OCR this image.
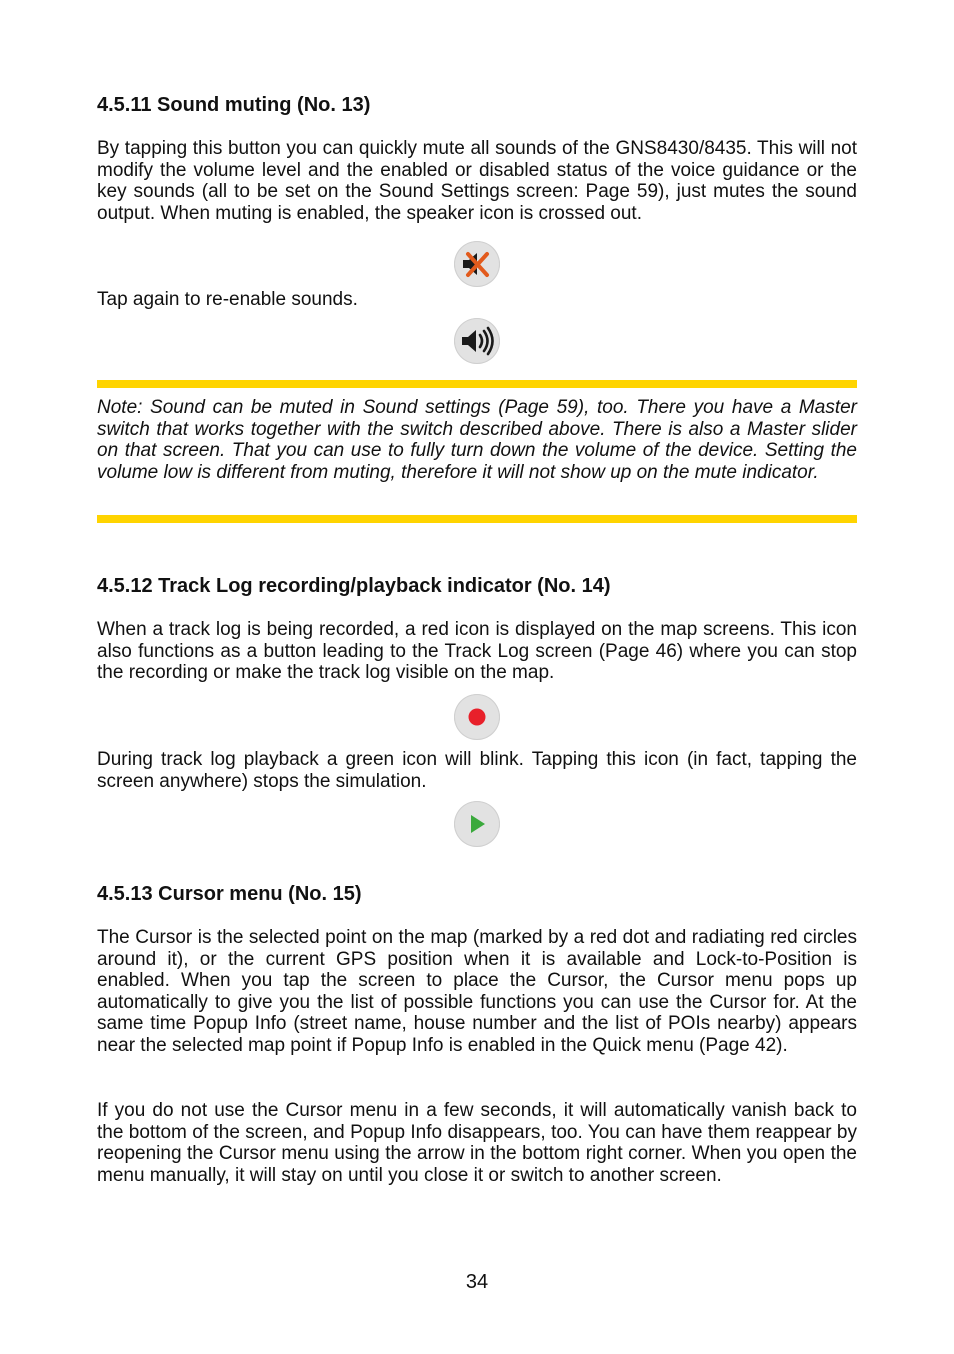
4.5.11 Sound muting (No. 13)

By tapping this button you can quickly mute all sounds of the GNS8430/8435. This will not modify the volume level and the enabled or disabled status of the voice guidance or the key sounds (all to be set on the Sound Settings screen: Page 59), just mutes the sound output. When muting is enabled, the speaker icon is crossed out.

Tap again to re-enable sounds.

Note: Sound can be muted in Sound settings (Page 59), too. There you have a Master switch that works together with the switch described above. There is also a Master slider on that screen. That you can use to fully turn down the volume of the device. Setting the volume low is different from muting, therefore it will not show up on the mute indicator.

4.5.12 Track Log recording/playback indicator (No. 14)

When a track log is being recorded, a red icon is displayed on the map screens. This icon also functions as a button leading to the Track Log screen (Page 46) where you can stop the recording or make the track log visible on the map.

During track log playback a green icon will blink. Tapping this icon (in fact, tapping the screen anywhere) stops the simulation.

4.5.13 Cursor menu (No. 15)

The Cursor is the selected point on the map (marked by a red dot and radiating red circles around it), or the current GPS position when it is available and Lock-to-Position is enabled. When you tap the screen to place the Cursor, the Cursor menu pops up automatically to give you the list of possible functions you can use the Cursor for. At the same time Popup Info (street name, house number and the list of POIs nearby) appears near the selected map point if Popup Info is enabled in the Quick menu (Page 42).

If you do not use the Cursor menu in a few seconds, it will automatically vanish back to the bottom of the screen, and Popup Info disappears, too. You can have them reappear by reopening the Cursor menu using the arrow in the bottom right corner. When you open the menu manually, it will stay on until you close it or switch to another screen.

34
